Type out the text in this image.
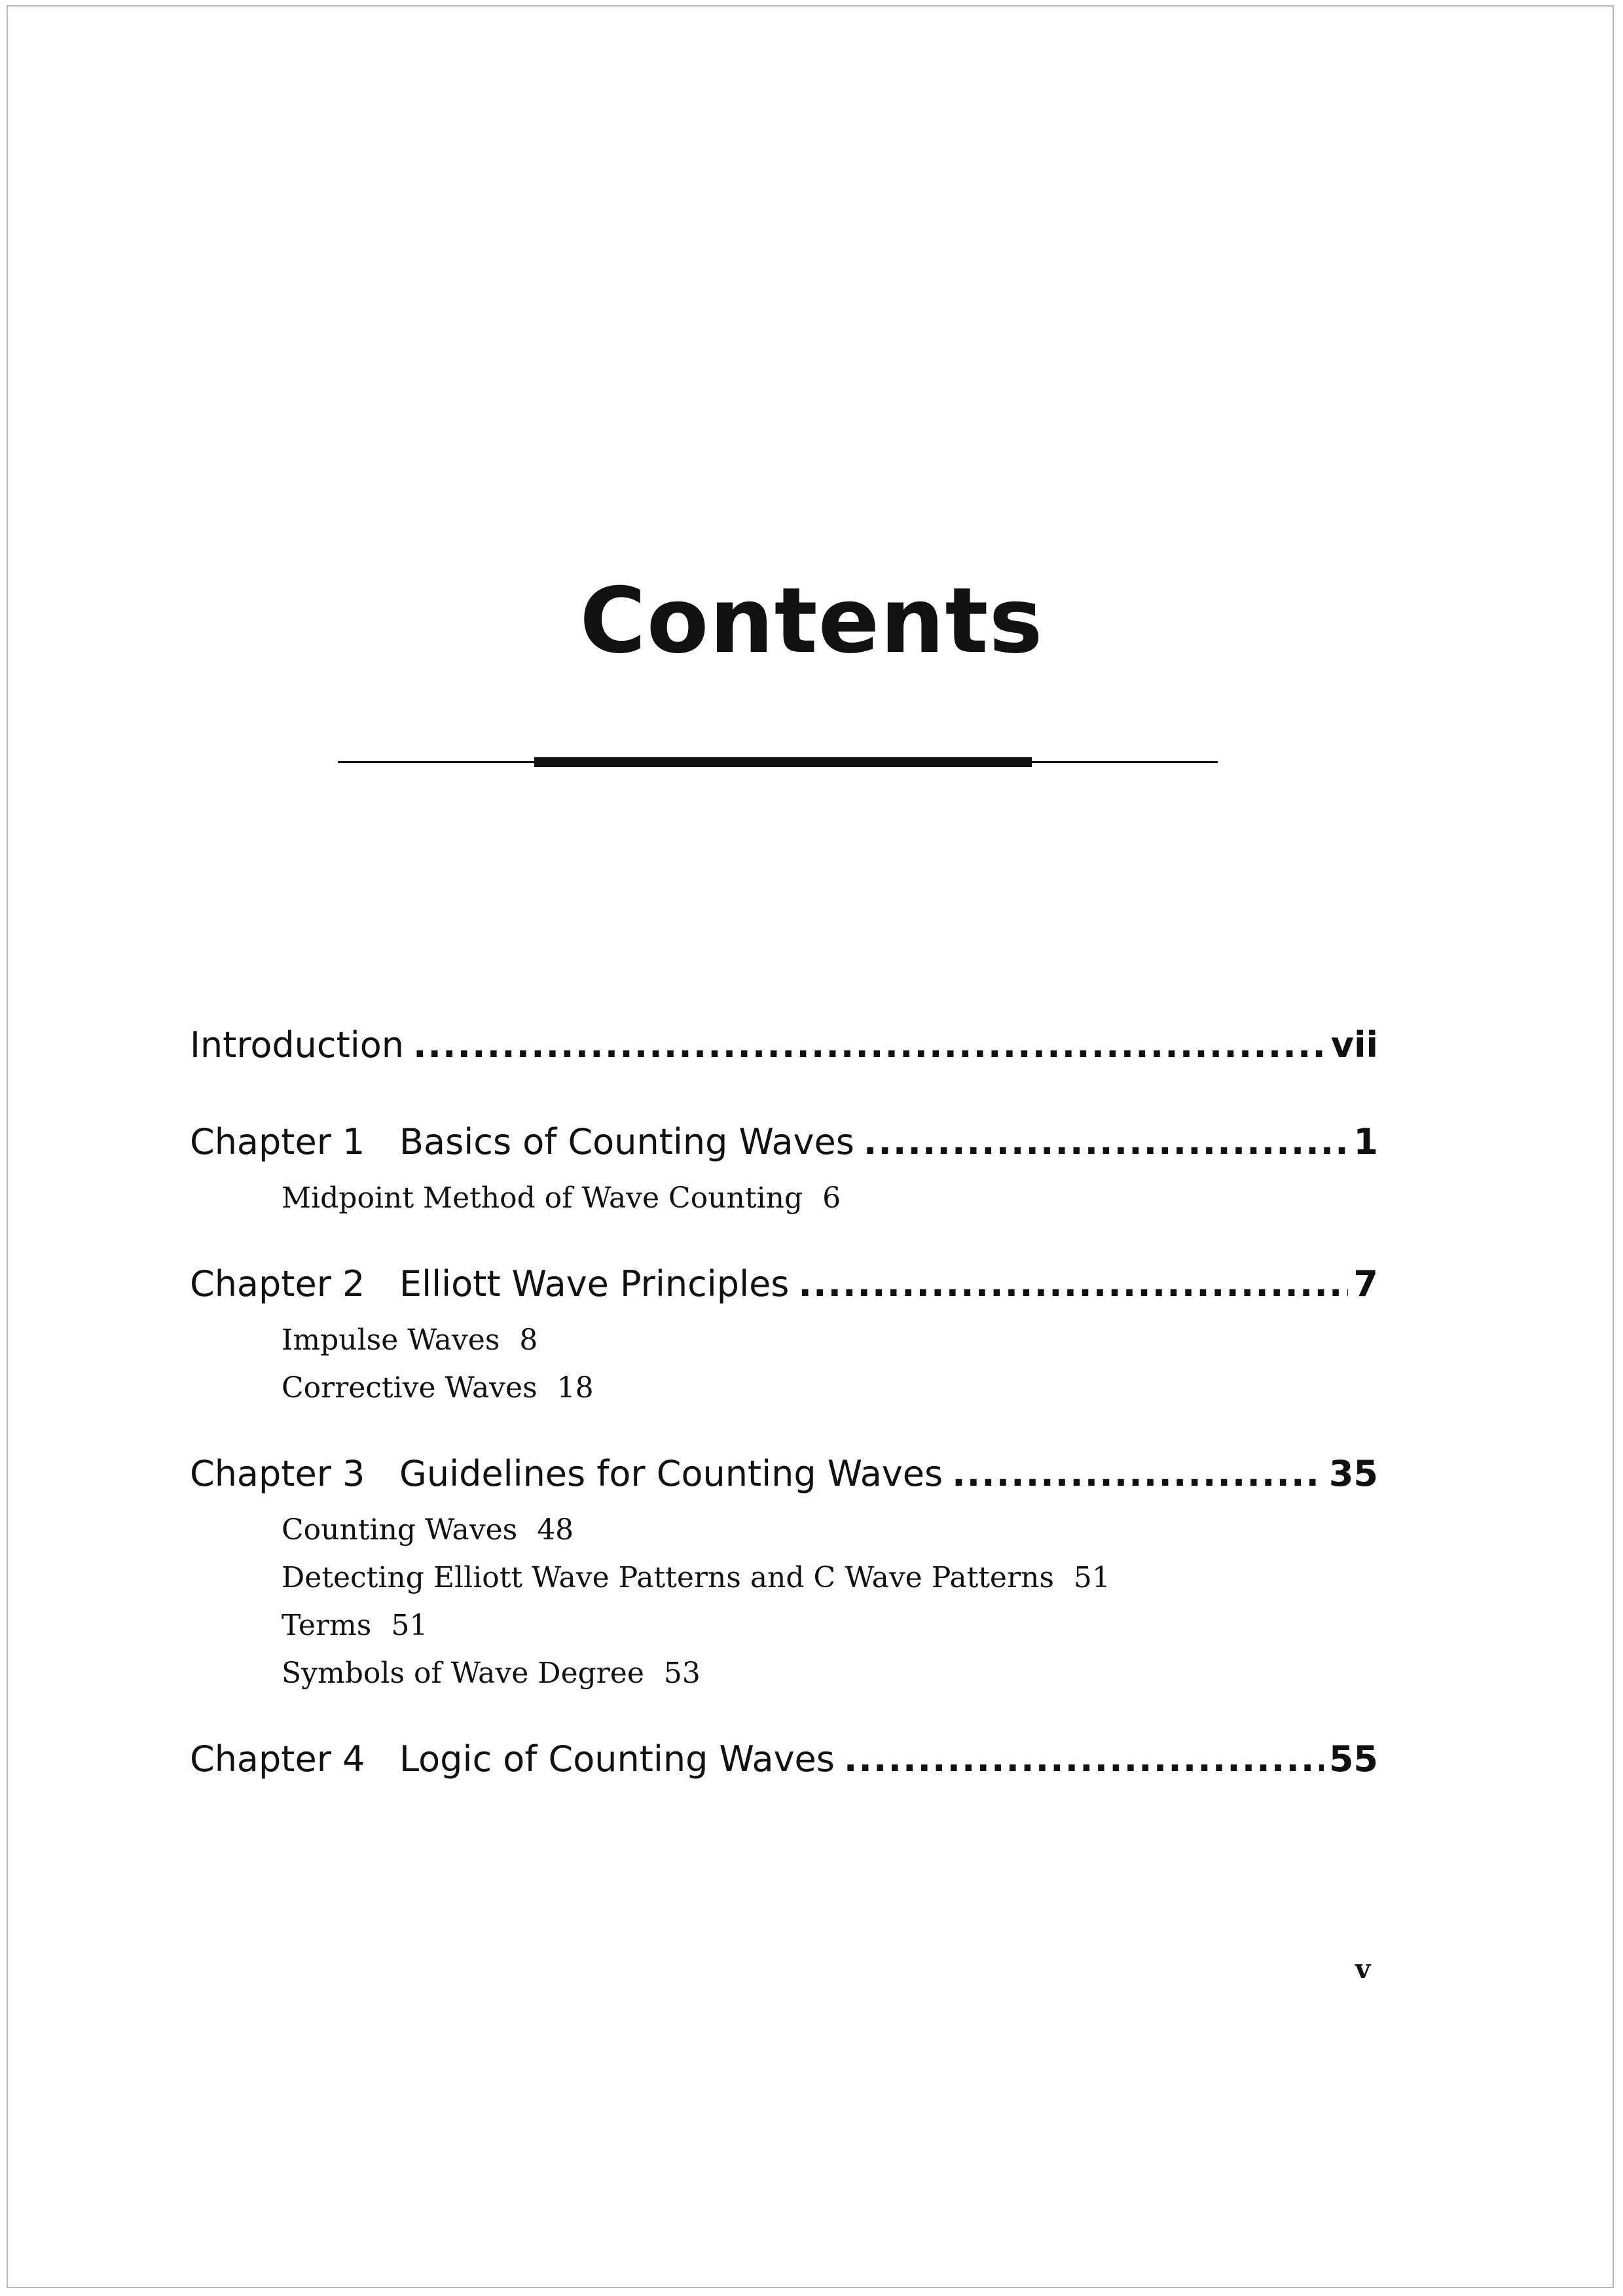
Contents
Introduction .....	vii
Chapter 1 Basics of Counting Waves .....	1
Midpoint Method of Wave Counting 6
Chapter 2 Elliott Wave Principles .....	7
Impulse Waves 8
Corrective Waves 18
Chapter 3 Guidelines for Counting Waves .....	35
Counting Waves 48
Detecting Elliott Wave Patterns and C Wave Patterns 51
Terms 51
Symbols of Wave Degree 53
Chapter 4 Logic of Counting Waves .....	55
v
